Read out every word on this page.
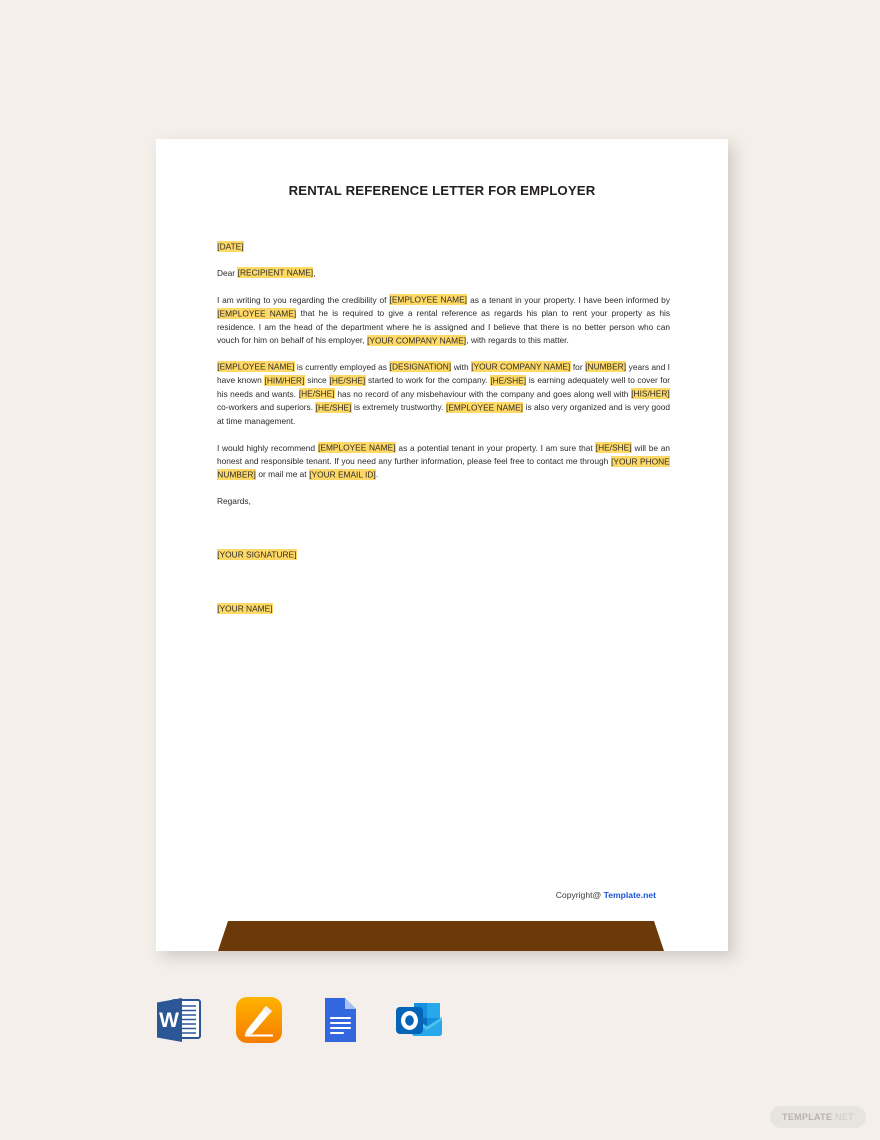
RENTAL REFERENCE LETTER FOR EMPLOYER

[DATE]

Dear [RECIPIENT NAME],

I am writing to you regarding the credibility of [EMPLOYEE NAME] as a tenant in your property. I have been informed by [EMPLOYEE NAME] that he is required to give a rental reference as regards his plan to rent your property as his residence. I am the head of the department where he is assigned and I believe that there is no better person who can vouch for him on behalf of his employer, [YOUR COMPANY NAME], with regards to this matter.

[EMPLOYEE NAME] is currently employed as [DESIGNATION] with [YOUR COMPANY NAME] for [NUMBER] years and I have known [HIM/HER] since [HE/SHE] started to work for the company. [HE/SHE] is earning adequately well to cover for his needs and wants. [HE/SHE] has no record of any misbehaviour with the company and goes along well with [HIS/HER] co-workers and superiors. [HE/SHE] is extremely trustworthy. [EMPLOYEE NAME] is also very organized and is very good at time management.

I would highly recommend [EMPLOYEE NAME] as a potential tenant in your property. I am sure that [HE/SHE] will be an honest and responsible tenant. If you need any further information, please feel free to contact me through [YOUR PHONE NUMBER] or mail me at [YOUR EMAIL ID].

Regards,

[YOUR SIGNATURE]

[YOUR NAME]

Copyright@ Template.net
W
TEMPLATE .NET
